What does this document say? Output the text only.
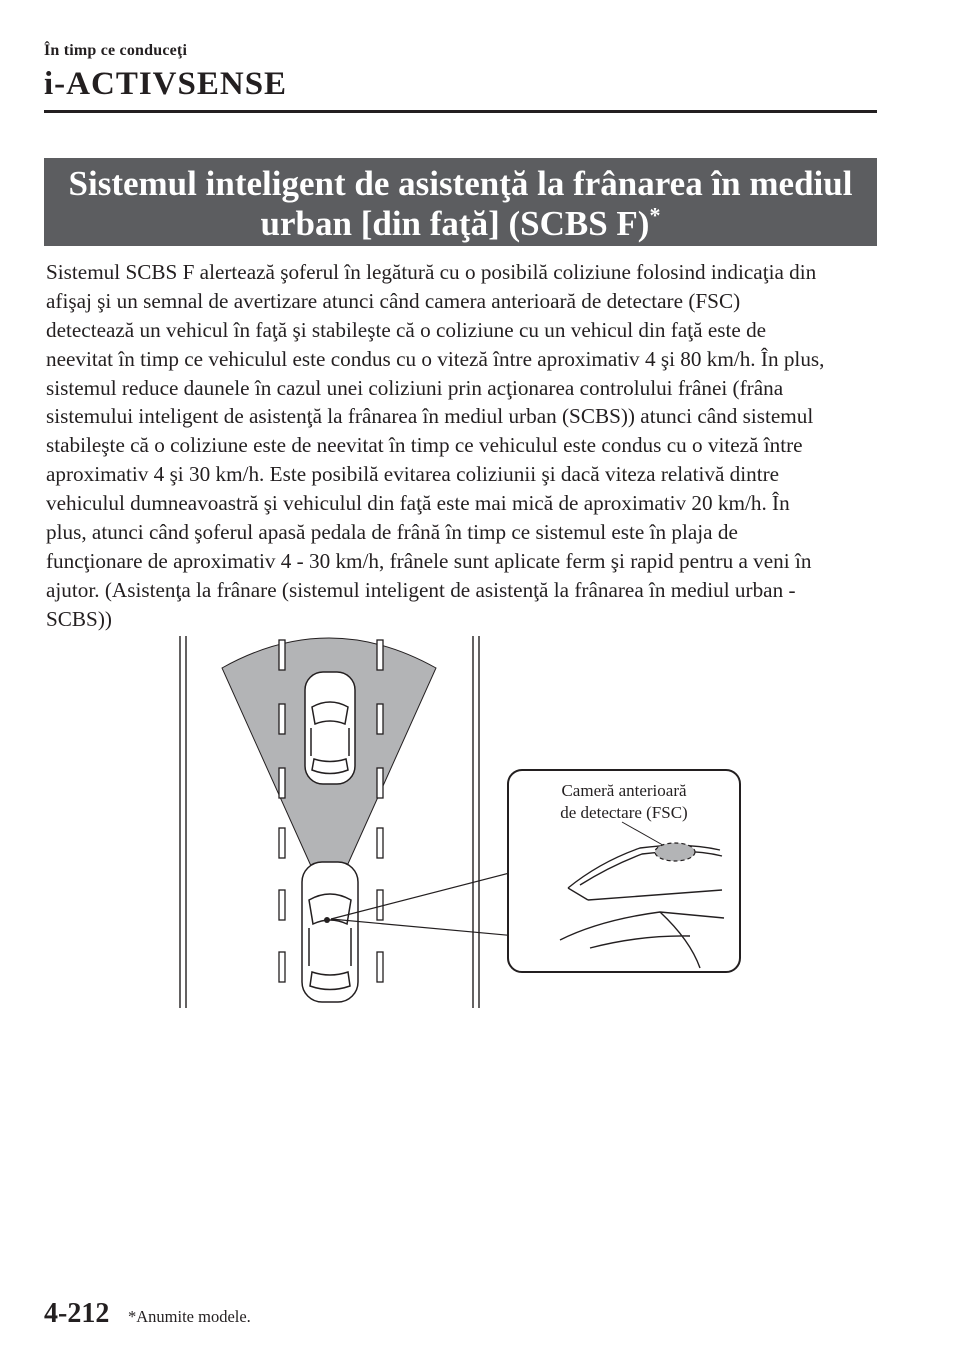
În timp ce conduceţi
i-ACTIVSENSE
Sistemul inteligent de asistenţă la frânarea în mediul
urban [din faţă] (SCBS F)*
Sistemul SCBS F alertează şoferul în legătură cu o posibilă coliziune folosind indicaţia din
afişaj şi un semnal de avertizare atunci când camera anterioară de detectare (FSC)
detectează un vehicul în faţă şi stabileşte că o coliziune cu un vehicul din faţă este de
neevitat în timp ce vehiculul este condus cu o viteză între aproximativ 4 şi 80 km/h. În plus,
sistemul reduce daunele în cazul unei coliziuni prin acţionarea controlului frânei (frâna
sistemului inteligent de asistenţă la frânarea în mediul urban (SCBS)) atunci când sistemul
stabileşte că o coliziune este de neevitat în timp ce vehiculul este condus cu o viteză între
aproximativ 4 şi 30 km/h. Este posibilă evitarea coliziunii şi dacă viteza relativă dintre
vehiculul dumneavoastră şi vehiculul din faţă este mai mică de aproximativ 20 km/h. În
plus, atunci când şoferul apasă pedala de frână în timp ce sistemul este în plaja de
funcţionare de aproximativ 4 - 30 km/h, frânele sunt aplicate ferm şi rapid pentru a veni în
ajutor. (Asistenţa la frânare (sistemul inteligent de asistenţă la frânarea în mediul urban -
SCBS))
Cameră anterioară
de detectare (FSC)
4-212 *Anumite modele.
